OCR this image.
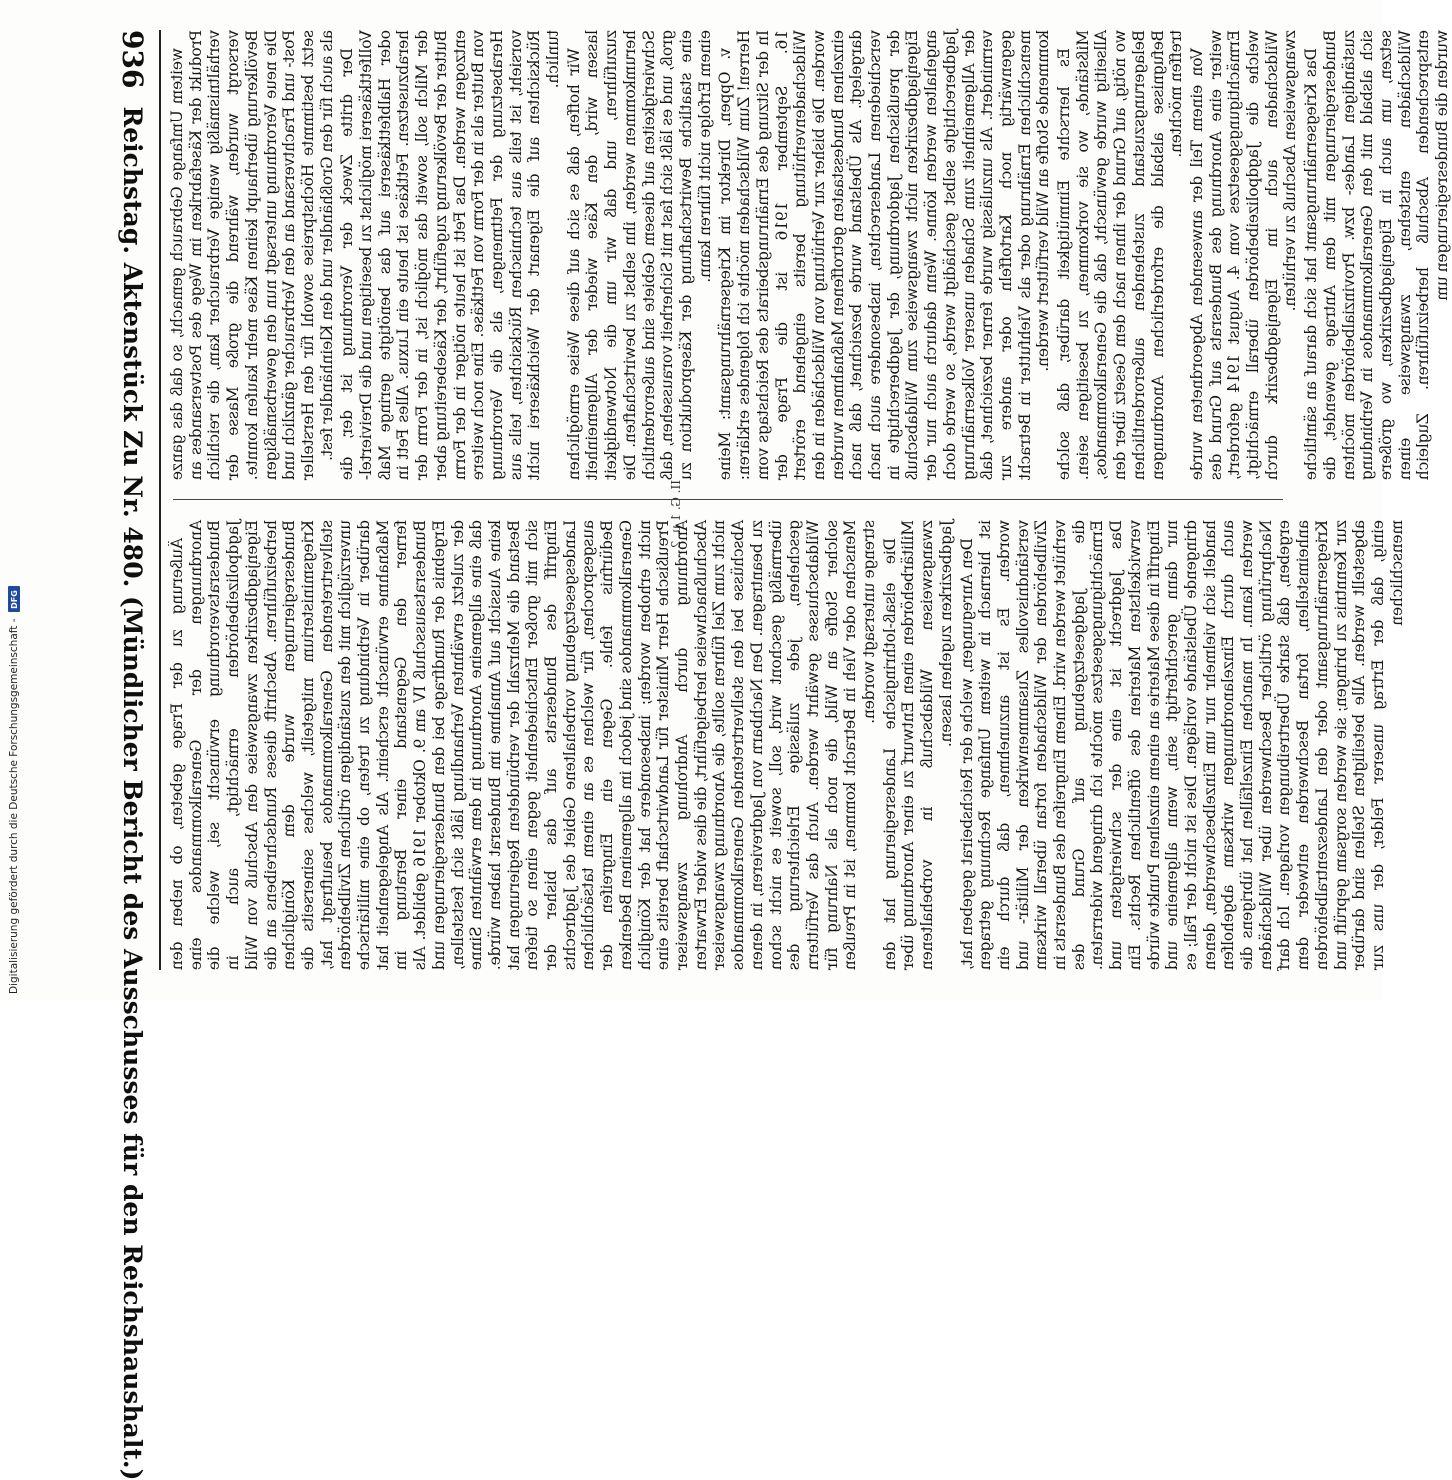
936
Reichstag. Aktenstück Zu Nr. 480. (Mündlicher Bericht des Ausschusses für den Reichshaushalt.) weitem Umfange Gebrauch gemacht, so daß das ganze Produkt der Käsefabriken im Wege des Postversandes an verhältnismäßig wenige Verbraucher kam, die reichlich versorgt wurden, während die große Masse der Bevölkerung überhaupt keinen Käse mehr kaufen konnte. Die neue Verordnung untersagt nun den gewerbsmäßigen Post- und Frachtversand an den Verbraucher gänzlich und setzt bestimmte Höchstpreise sowohl für den Hersteller als auch für den Großhändler und den Kleinhändler fest. Der dritte Zweck der Verordnung ist der, die Vollfettkäserei möglichst zu beseitigen und die Dreiviertel- oder Halbfettkäserei auf das benötigte geringe Maß herabzusetzen. Fettkäse ist heute ein Luxus. Alles Fett in der Milch soll, soweit das möglich ist, in der Form der Butter der Bevölkerung zugeführt, der Käsebereitung aber entzogen werden. Das Fett ist heute nötiger in der Form von Butter als in der Form von Fettkäse. Eine noch weitere Herabsetzung der Fettmengen, als die Verordnung vorsieht, ist teils aus technischen Rücksichten, teils aus Rücksichten auf die Eigenart der Weichkäserei nicht tunlich. Wir hoffen, daß es sich auf diese Weise ermöglichen lassen wird, den Käse wieder der Allgemeinheit zuzuführen, und daß wir um die Notwendigkeit herumkommen werden, ihn selbst zu bewirtschaften. Die Schwierigkeiten auf diesem Gebiete sind außerordentlich groß, und es läßt sich fast mit Sicherheit voraussehen, daß eine staatliche Bewirtschaftung der Käseproduktion zu einem Erfolge nicht führen kann. v. Oppen, Direktor im Kriegsernährungsamt: Meine Herren! Zum Wildschaden möchte ich folgendes erklären: In der Sitzung des Ernährungsbeirats des Reichstags vom 16. September 1916 ist die Frage der Wildschadenverhütung bereits eingehend erörtert worden. Die bisher zur Verhütung von Wildschäden in den einzelnen Bundesstaaten getroffenen Maßnahmen wurden dargelegt. Als Übelstand wurde bezeichnet, daß nach verschiedenen Landesrechten, insbesondere auch nach der preußischen Jagdordnung, der Jagdberechtigte in Eigenjagdbezirken nicht zwangsweise zum Wildabschuß angehalten werden könne. Wenn dadurch auch nur der Jagdberechtigte selbst geschädigt werde, so werde doch der Allgemeinheit zum Schaden unserer Volksernährung vermindert. Als unzulässig wurde ferner bezeichnet, daß gegenwärtig noch Kartoffeln oder andere zur menschlichen Ernährung oder als Viehfutter in Betracht kommende Stoffe an Wild verfüttert werden. Es herrschte Einmütigkeit darüber, daß solche Mißstände, wo sie vorkommen, zu beseitigen seien. Allseitig wurde gewünscht, daß die Generalkommandos, wo nötig, auf Grund der ihnen nach dem Gesetz über den Belagerungszustand zustehenden außerordentlichen Befugnisse alsbald die erforderlichen Anordnungen treffen möchten. Von einem Teil der anwesenden Abgeordneten wurde weiter eine Anordnung des Bundesrats auf Grund des Ermächtigungsgesetzes vom 4. August 1914 gefordert, welche die Jagdpolizeibehörden überall ermächtigt, Wildschaden auch im Eigenjagdbezirk durch zwangsweisen Abschuß zu verhüten. Das Kriegsernährungsamt hat sich darauf an sämtliche Bundesregierungen mit dem Antrage gewendet, die zuständigen Landes- bzw. Provinzialbehörden möchten sich alsbald mit den Generalkommandos in Verbindung setzen, um auch in Eigenjagdbezirken, wo größere Wildschäden entstehen, zwangsweise einen entsprechenden Abschuß herbeizuführen. Zugleich wurden die Bundesregierungen um

II. G. 1 u. 2

Äußerung zu der Frage gebeten, ob neben den Anordnungen der Generalkommandos eine Bundesratsverordnung erwünscht sei, welche die Jagdpolizeibehörden ermächtigt, auch in Eigenjagdbezirken zwangsweise den Abschuß von Wild herbeizuführen. Abschrift dieses Rundschreibens an die Bundesregierungen wurde dem Königlichen Kriegsministerium mitgeteilt, welches seinerseits die stellvertretenden Generalkommandos beauftragt hat, unverzüglich mit den zuständigen örtlichen Zivilbehörden darüber in Verbindung zu treten, ob eine militärische Maßnahme erwünscht erscheint. Als Angelegenheit hat ferner den Gegenstand einer Beratung im Bundesratsausschuß IV am 9. Oktober 1916 gebildet. Als Ergebnis der Rundfrage bei den Bundesregierungen und der zuletzt erwähnten Verhandlung läßt sich feststellen, daß eine allgemeine Anordnung in dem erwähnten Sinne keine Aussicht auf Annahme im Bundesrat haben würde. Bestand die Mehrzahl der verbündeten Regierungen hat sich mit großer Entschiedenheit gegen einen so tiefen Eingriff des Bundesrats auf das bisher der Landesgesetzgebung vorbehaltene Gebiet des Jagdrechts ausgesprochen, für welchen es an einem tatsächlichen Bedürfnis fehle. Gegen ein Eingreifen der Generalkommandos sind jedoch im allgemeinen Bedenken nicht erhoben worden; insbesondere hat der Königlich Preußische Herr Minister für Landwirtschaft bereits eine Anordnung durch Androhung zwangsweiser Abschußnachweise herbeigeführt, die dies wider Erwarten nicht zum Ziel führen sollte, die Anordnung zwangsweiser Abschüsse bei den stellvertretenden Generalkommandos zu beantragen. Den Nachbarn von Jagdrevieren, in denen übermäßig geschont wird, soll, soweit es nicht schon geschehen, jede zulässige Erleichterung des Wildabschusses gewährt werden. Auch das Verfüttern solcher Stoffe an Wild, die noch als Nahrung für Menschen oder Vieh in Betracht kommen, ist in Preußen strenge untersagt worden. Die elsaß-lothringische Landesregierung hat den Militärbehörden einen Entwurf zu einer Anordnung über zwangsweisen Wildabschuß in vorbehaltenen Jagdbezirken zugehen lassen. Den Anregungen, welche der Reichsbeirat gegeben hat, ist hiernach in weitem Umfange Rechnung getragen worden. Es ist anzunehmen, daß durch ein verständnisvolles Zusammenwirken der Militär- und Zivilbehörden der Wildschaden fortan überall wirksam verhütet werden wird. Einem Eingreifen des Bundesrats in die Jagdgesetzgebung auf Grund des Ermächtigungsgesetzes möchte ich dringend widerraten. Das Jagdrecht ist eine der schwierigsten und verwickeltsten Materien des öffentlichen Rechts. Ein Eingriff in diese Materie an einem einzelnen Punkte würde nur dann gerechtfertigt sein, wenn allgemeine und dringende Übelstände vorlägen. Dies ist nicht der Fall; es handelt sich vielmehr nur um Einzelbeschwerden, denen auch durch Einzelanordnungen wirksam abgeholfen werden kann. In manchen Einzelfällen hat übrigens die Nachprüfung örtlicher Beschwerden über Wildschäden ergeben, daß starke Übertreibungen vorlagen. Ich darf anheimstellen, fortan Beschwerden entweder dem Kriegsernährungsamt oder den Landeszentralbehörden zur Kenntnis zu bringen; sie werden sorgsam geprüft und abgestellt werden. Alle beteiligten Stellen sind darüber einig, daß der Ertrag unserer Felder, der uns zur menschlichen

Digitalisierung gefördert durch die Deutsche Forschungsgemeinschaft -
DFG
